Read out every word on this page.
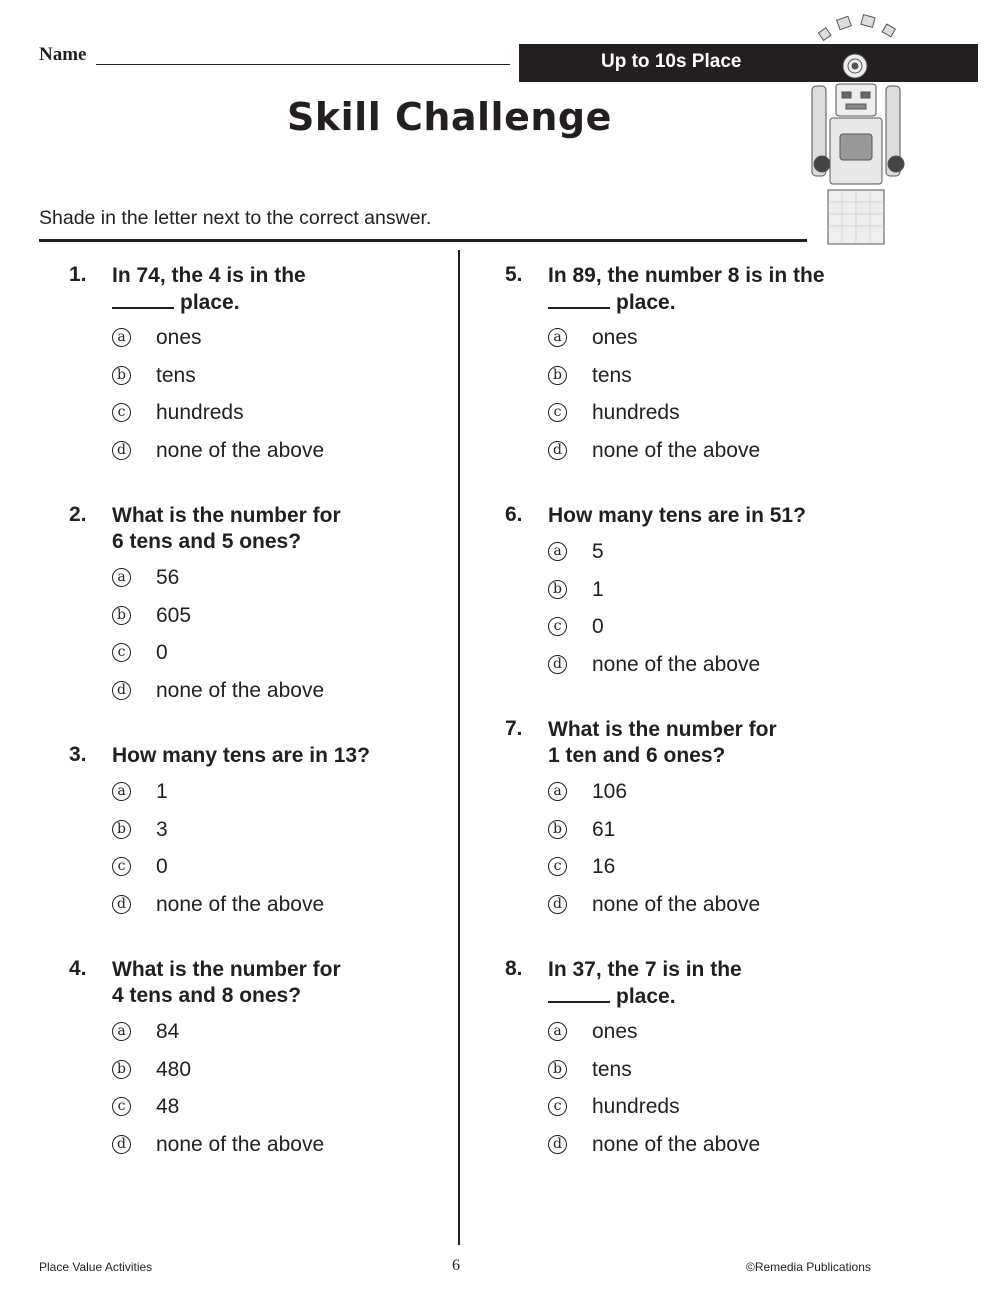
Name	Up to 10s Place
Skill Challenge
Shade in the letter next to the correct answer.
1. In 74, the 4 is in the
place.
a ones
b tens
c hundreds
d none of the above
2. What is the number for
6 tens and 5 ones?
a 56
b 605
c 0
d none of the above
3. How many tens are in 13?
a 1
b 3
c 0
d none of the above
4. What is the number for
4 tens and 8 ones?
a 84
b 480
c 48
d none of the above
5. In 89, the number 8 is in the
place.
a ones
b tens
c hundreds
d none of the above
6. How many tens are in 51?
a 5
b 1
c 0
d none of the above
7. What is the number for
1 ten and 6 ones?
a 106
b 61
c 16
d none of the above
8. In 37, the 7 is in the
place.
a ones
b tens
c hundreds
d none of the above
Place Value Activities	6	©Remedia Publications
